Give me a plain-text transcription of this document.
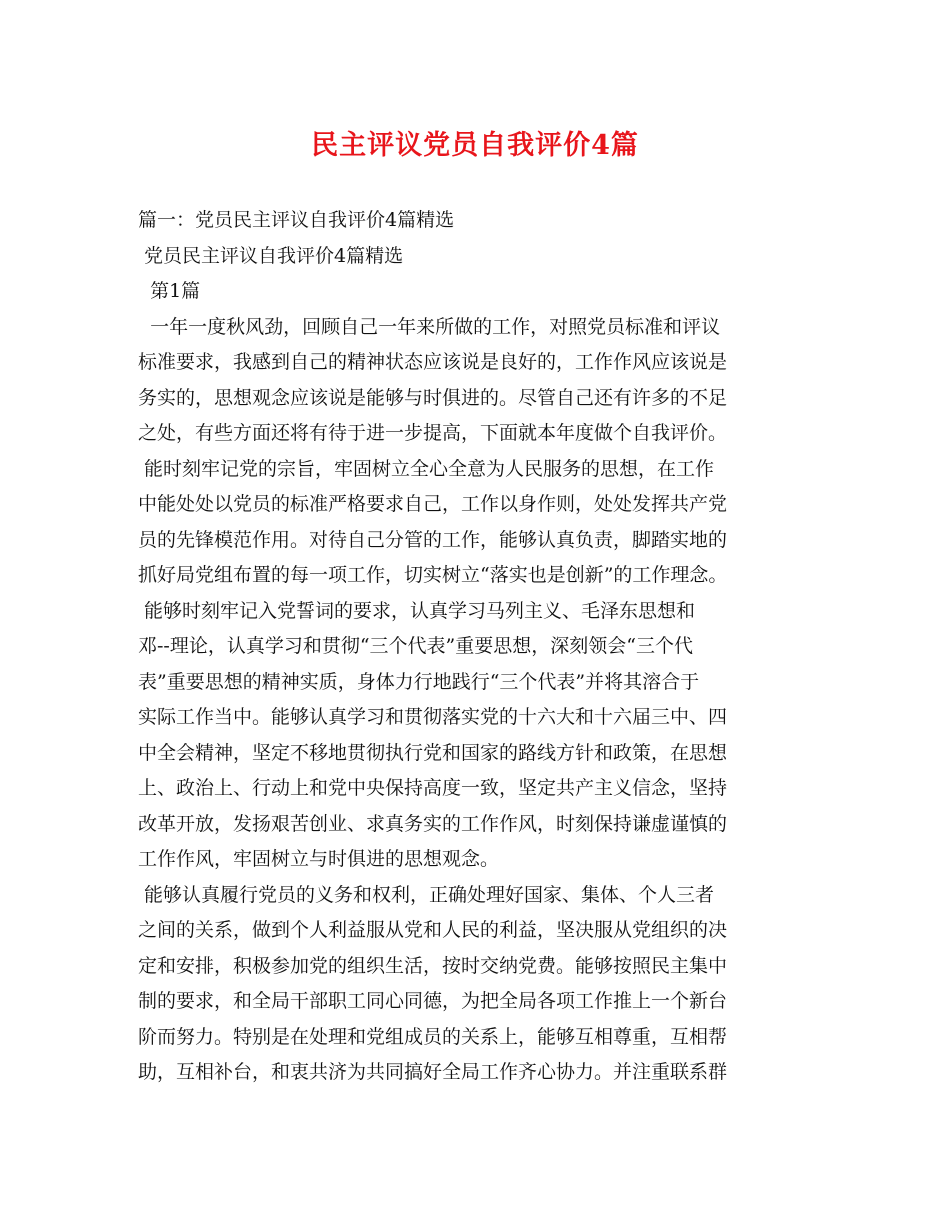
民主评议党员自我评价4篇

篇一：党员民主评议自我评价4篇精选

党员民主评议自我评价4篇精选

第1篇

一年一度秋风劲，回顾自己一年来所做的工作，对照党员标准和评议

标准要求，我感到自己的精神状态应该说是良好的，工作作风应该说是

务实的，思想观念应该说是能够与时俱进的。尽管自己还有许多的不足

之处，有些方面还将有待于进一步提高，下面就本年度做个自我评价。

能时刻牢记党的宗旨，牢固树立全心全意为人民服务的思想，在工作

中能处处以党员的标准严格要求自己，工作以身作则，处处发挥共产党

员的先锋模范作用。对待自己分管的工作，能够认真负责，脚踏实地的

抓好局党组布置的每一项工作，切实树立“落实也是创新”的工作理念。

能够时刻牢记入党誓词的要求，认真学习马列主义、毛泽东思想和

邓--理论，认真学习和贯彻“三个代表”重要思想，深刻领会“三个代

表”重要思想的精神实质，身体力行地践行“三个代表”并将其溶合于

实际工作当中。能够认真学习和贯彻落实党的十六大和十六届三中、四

中全会精神，坚定不移地贯彻执行党和国家的路线方针和政策，在思想

上、政治上、行动上和党中央保持高度一致，坚定共产主义信念，坚持

改革开放，发扬艰苦创业、求真务实的工作作风，时刻保持谦虚谨慎的

工作作风，牢固树立与时俱进的思想观念。

能够认真履行党员的义务和权利，正确处理好国家、集体、个人三者

之间的关系，做到个人利益服从党和人民的利益，坚决服从党组织的决

定和安排，积极参加党的组织生活，按时交纳党费。能够按照民主集中

制的要求，和全局干部职工同心同德，为把全局各项工作推上一个新台

阶而努力。特别是在处理和党组成员的关系上，能够互相尊重，互相帮

助，互相补台，和衷共济为共同搞好全局工作齐心协力。并注重联系群
